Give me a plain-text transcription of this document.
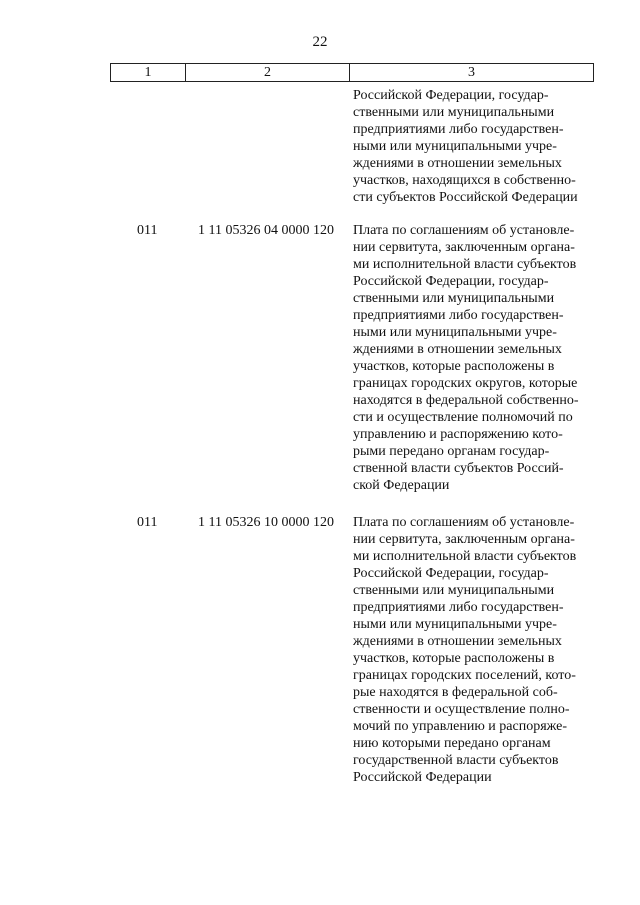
22
1	2	3
Российской Федерации, государ-
ственными или муниципальными
предприятиями либо государствен-
ными или муниципальными учре-
ждениями в отношении земельных
участков, находящихся в собственно-
сти субъектов Российской Федерации
011	1 11 05326 04 0000 120 Плата по соглашениям об установле-
нии сервитута, заключенным органа-
ми исполнительной власти субъектов
Российской Федерации, государ-
ственными или муниципальными
предприятиями либо государствен-
ными или муниципальными учре-
ждениями в отношении земельных
участков, которые расположены в
границах городских округов, которые
находятся в федеральной собственно-
сти и осуществление полномочий по
управлению и распоряжению кото-
рыми передано органам государ-
ственной власти субъектов Россий-
ской Федерации
011	1 11 05326 10 0000 120 Плата по соглашениям об установле-
нии сервитута, заключенным органа-
ми исполнительной власти субъектов
Российской Федерации, государ-
ственными или муниципальными
предприятиями либо государствен-
ными или муниципальными учре-
ждениями в отношении земельных
участков, которые расположены в
границах городских поселений, кото-
рые находятся в федеральной соб-
ственности и осуществление полно-
мочий по управлению и распоряже-
нию которыми передано органам
государственной власти субъектов
Российской Федерации
